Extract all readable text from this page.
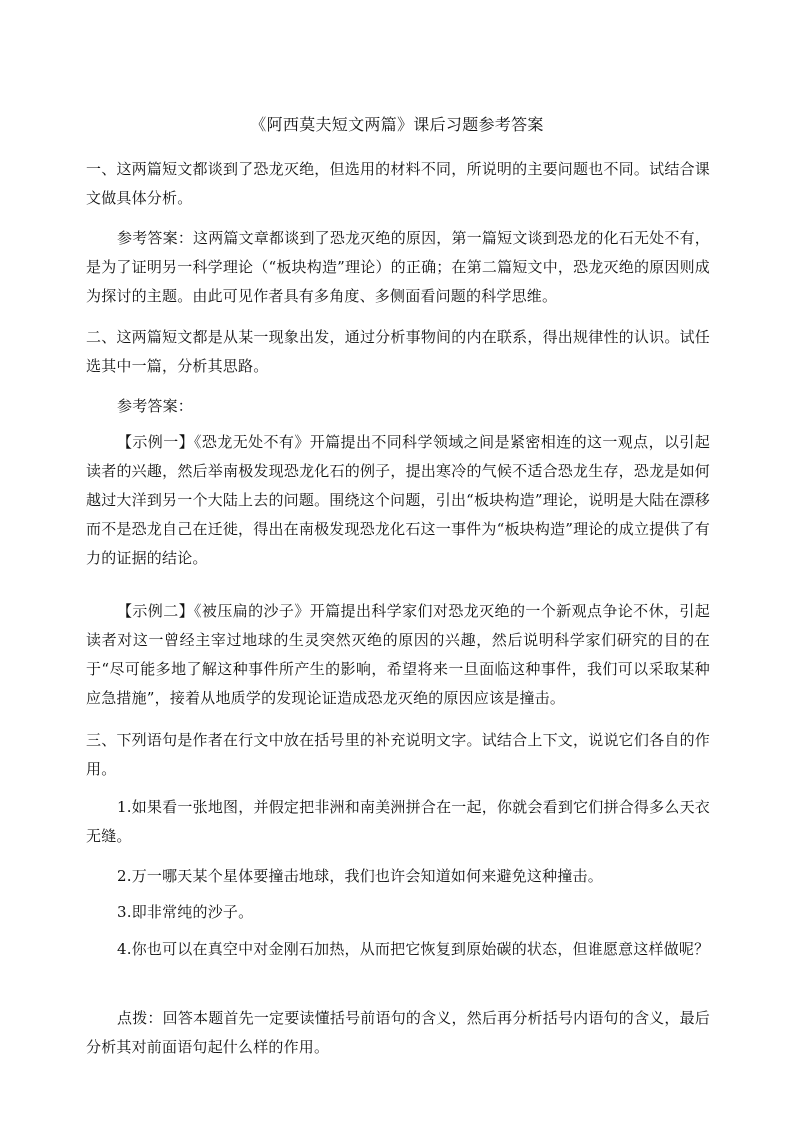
《阿西莫夫短文两篇》课后习题参考答案

一、这两篇短文都谈到了恐龙灭绝，但选用的材料不同，所说明的主要问题也不同。试结合课文做具体分析。

参考答案：这两篇文章都谈到了恐龙灭绝的原因，第一篇短文谈到恐龙的化石无处不有，是为了证明另一科学理论（“板块构造”理论）的正确；在第二篇短文中，恐龙灭绝的原因则成为探讨的主题。由此可见作者具有多角度、多侧面看问题的科学思维。

二、这两篇短文都是从某一现象出发，通过分析事物间的内在联系，得出规律性的认识。试任选其中一篇，分析其思路。

参考答案：

【示例一】《恐龙无处不有》开篇提出不同科学领域之间是紧密相连的这一观点，以引起读者的兴趣，然后举南极发现恐龙化石的例子，提出寒冷的气候不适合恐龙生存，恐龙是如何越过大洋到另一个大陆上去的问题。围绕这个问题，引出“板块构造”理论，说明是大陆在漂移而不是恐龙自己在迁徙，得出在南极发现恐龙化石这一事件为“板块构造”理论的成立提供了有力的证据的结论。

【示例二】《被压扁的沙子》开篇提出科学家们对恐龙灭绝的一个新观点争论不休，引起读者对这一曾经主宰过地球的生灵突然灭绝的原因的兴趣，然后说明科学家们研究的目的在于“尽可能多地了解这种事件所产生的影响，希望将来一旦面临这种事件，我们可以采取某种应急措施”，接着从地质学的发现论证造成恐龙灭绝的原因应该是撞击。

三、下列语句是作者在行文中放在括号里的补充说明文字。试结合上下文，说说它们各自的作用。

1.如果看一张地图，并假定把非洲和南美洲拼合在一起，你就会看到它们拼合得多么天衣无缝。

2.万一哪天某个星体要撞击地球，我们也许会知道如何来避免这种撞击。

3.即非常纯的沙子。

4.你也可以在真空中对金刚石加热，从而把它恢复到原始碳的状态，但谁愿意这样做呢？

点拨：回答本题首先一定要读懂括号前语句的含义，然后再分析括号内语句的含义，最后分析其对前面语句起什么样的作用。
